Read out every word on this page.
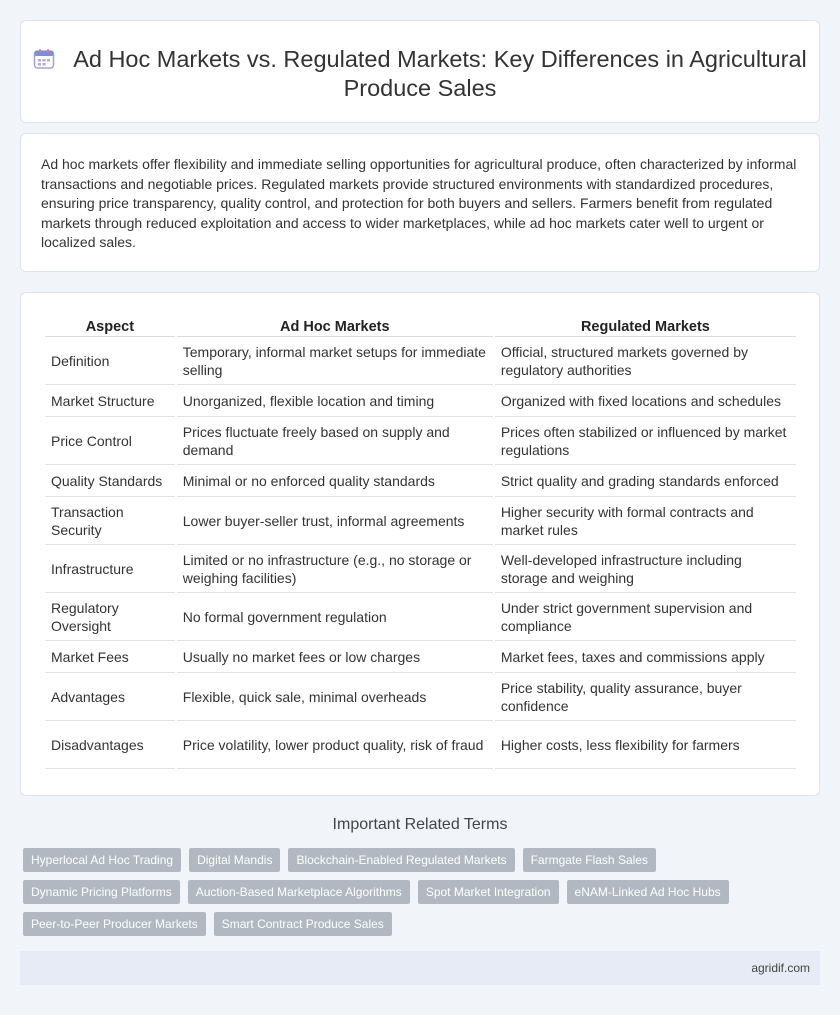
Ad Hoc Markets vs. Regulated Markets: Key Differences in Agricultural Produce Sales

Ad hoc markets offer flexibility and immediate selling opportunities for agricultural produce, often characterized by informal transactions and negotiable prices. Regulated markets provide structured environments with standardized procedures, ensuring price transparency, quality control, and protection for both buyers and sellers. Farmers benefit from regulated markets through reduced exploitation and access to wider marketplaces, while ad hoc markets cater well to urgent or localized sales.

Aspect	Ad Hoc Markets	Regulated Markets
Definition	Temporary, informal market setups for immediate selling	Official, structured markets governed by regulatory authorities
Market Structure	Unorganized, flexible location and timing	Organized with fixed locations and schedules
Price Control	Prices fluctuate freely based on supply and demand	Prices often stabilized or influenced by market regulations
Quality Standards	Minimal or no enforced quality standards	Strict quality and grading standards enforced
Transaction Security	Lower buyer-seller trust, informal agreements	Higher security with formal contracts and market rules
Infrastructure	Limited or no infrastructure (e.g., no storage or weighing facilities)	Well-developed infrastructure including storage and weighing
Regulatory Oversight	No formal government regulation	Under strict government supervision and compliance
Market Fees	Usually no market fees or low charges	Market fees, taxes and commissions apply
Advantages	Flexible, quick sale, minimal overheads	Price stability, quality assurance, buyer confidence
Disadvantages	Price volatility, lower product quality, risk of fraud	Higher costs, less flexibility for farmers
Important Related Terms
Hyperlocal Ad Hoc Trading	Digital Mandis	Blockchain-Enabled Regulated Markets	Farmgate Flash Sales
Dynamic Pricing Platforms	Auction-Based Marketplace Algorithms	Spot Market Integration	eNAM-Linked Ad Hoc Hubs
Peer-to-Peer Producer Markets	Smart Contract Produce Sales
agridif.com
